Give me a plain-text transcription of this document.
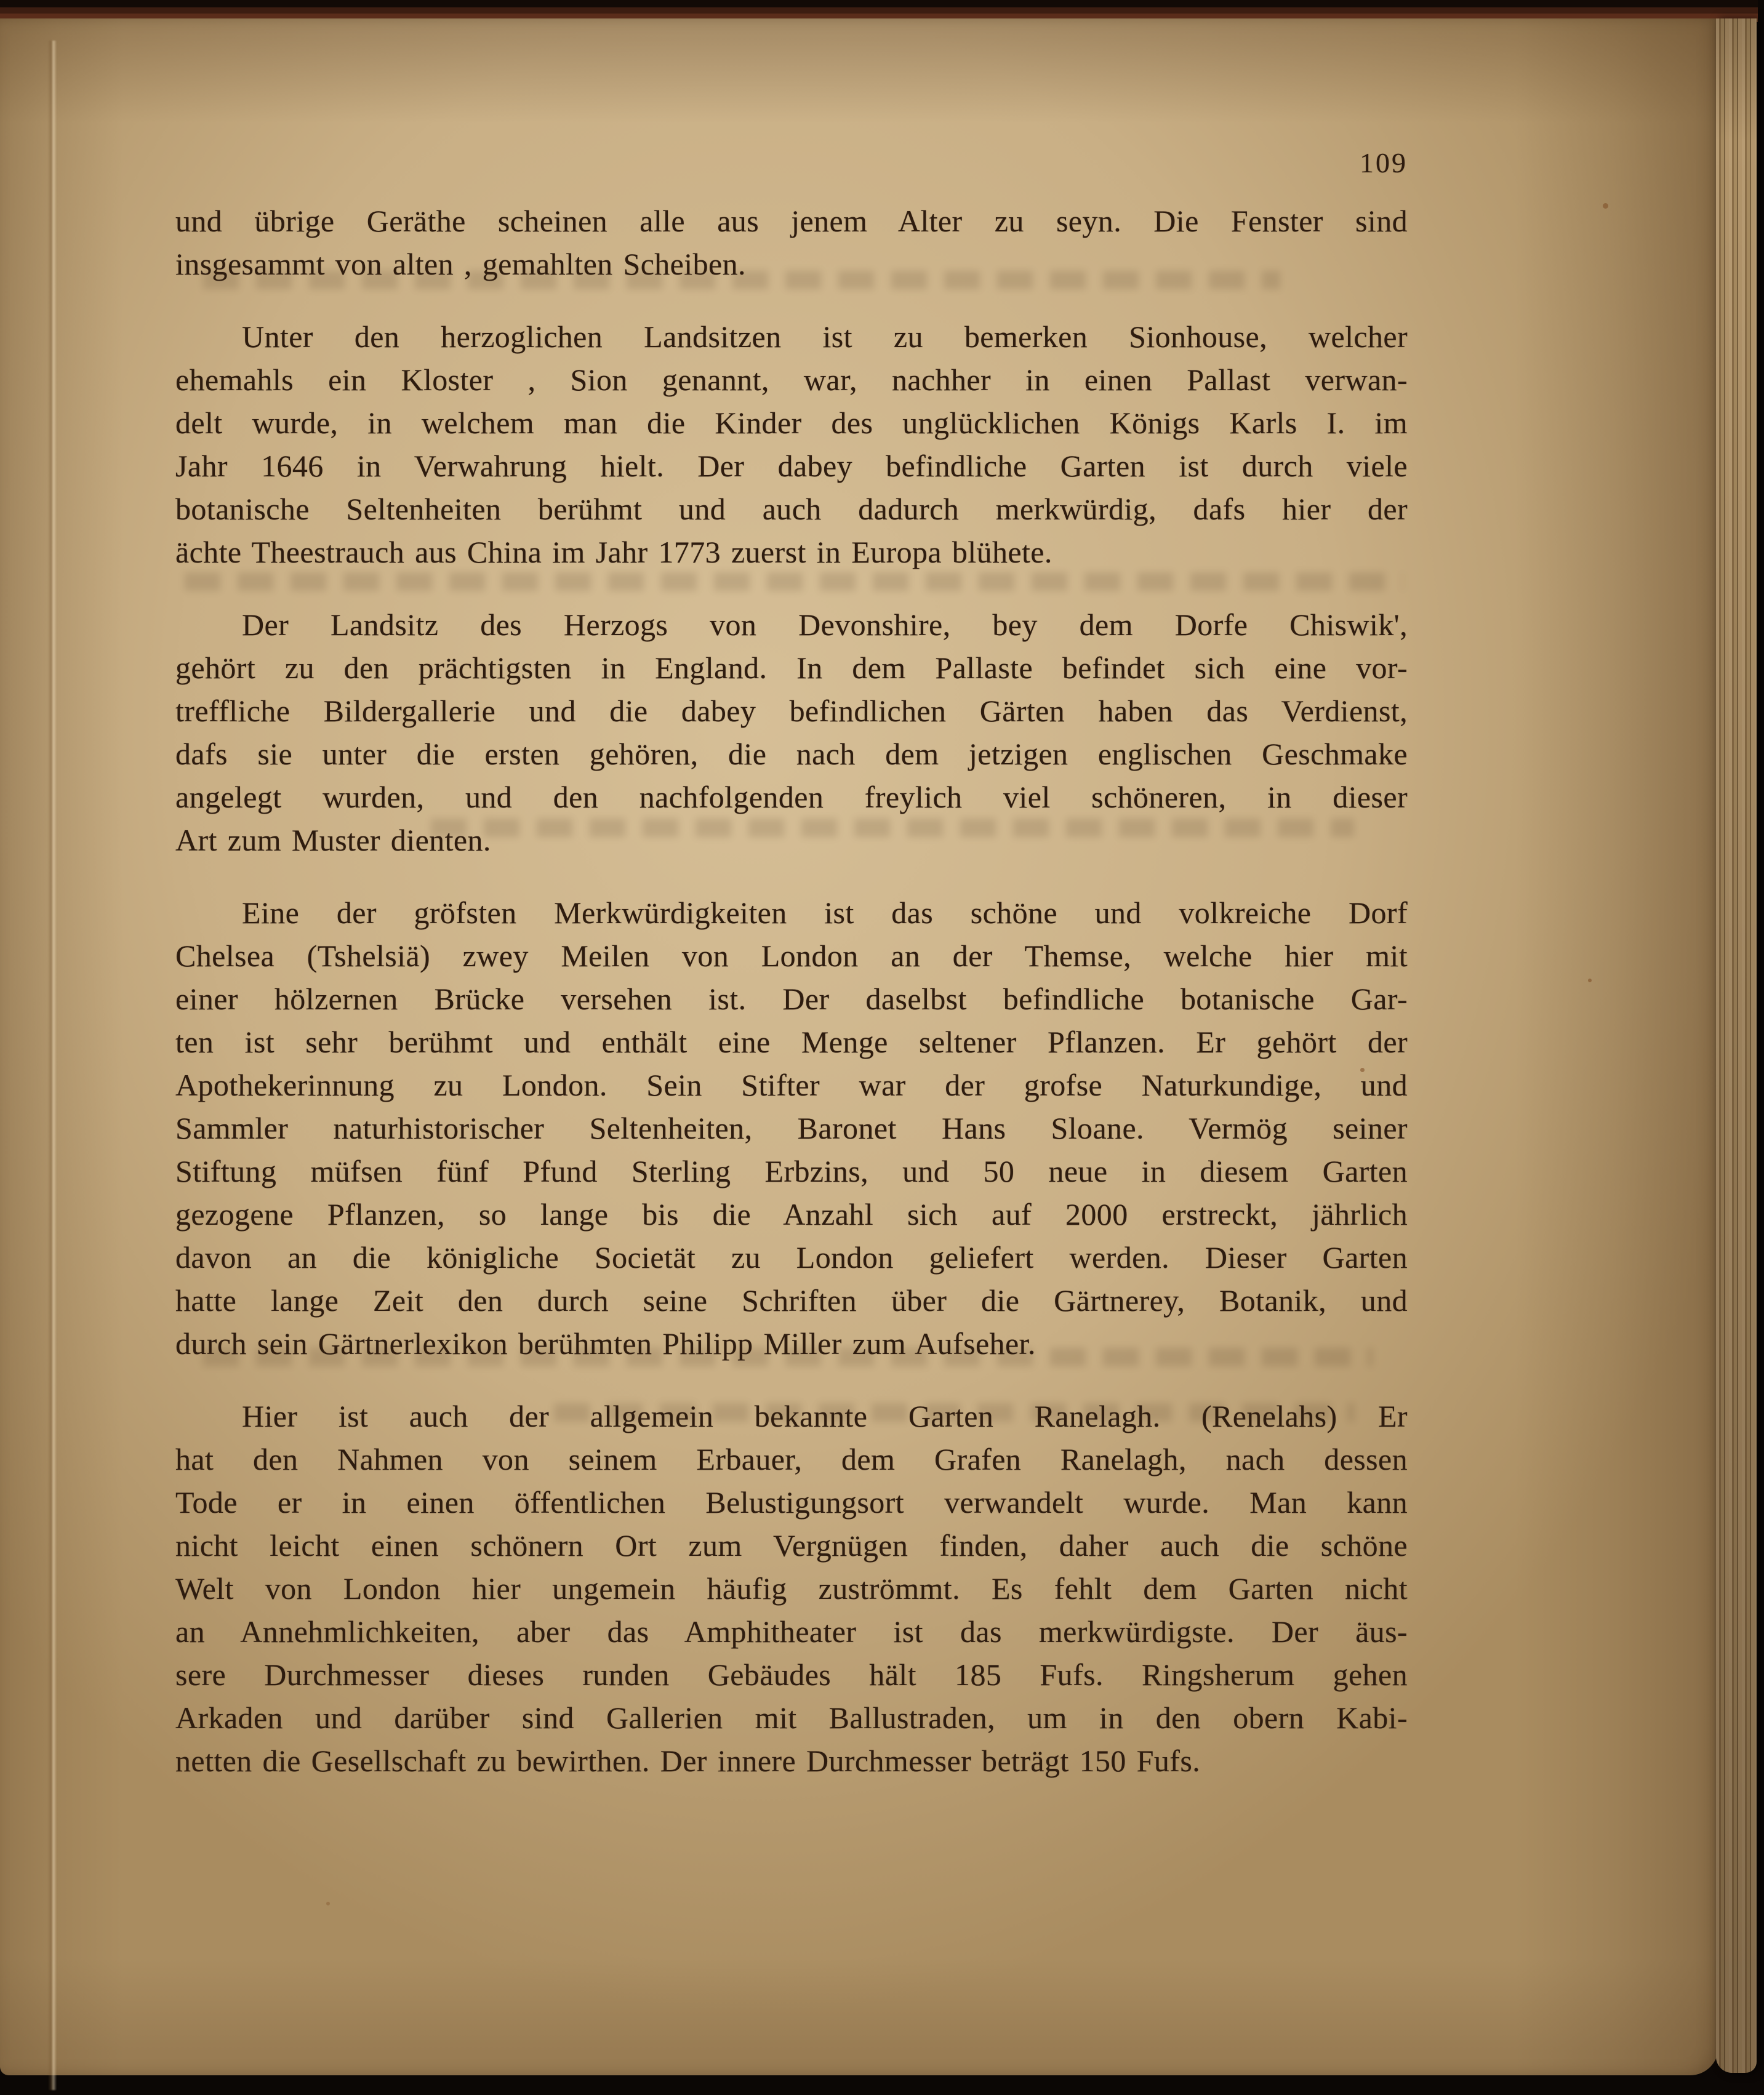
109
und übrige Geräthe scheinen alle aus jenem Alter zu seyn. Die Fenster sind
insgesammt von alten , gemahlten Scheiben.
Unter den herzoglichen Landsitzen ist zu bemerken Sionhouse, welcher
ehemahls ein Kloster , Sion genannt, war, nachher in einen Pallast verwan-
delt wurde, in welchem man die Kinder des unglücklichen Königs Karls I. im
Jahr 1646 in Verwahrung hielt. Der dabey befindliche Garten ist durch viele
botanische Seltenheiten berühmt und auch dadurch merkwürdig, dafs hier der
ächte Theestrauch aus China im Jahr 1773 zuerst in Europa blühete.
Der Landsitz des Herzogs von Devonshire, bey dem Dorfe Chiswik',
gehört zu den prächtigsten in England. In dem Pallaste befindet sich eine vor-
treffliche Bildergallerie und die dabey befindlichen Gärten haben das Verdienst,
dafs sie unter die ersten gehören, die nach dem jetzigen englischen Geschmake
angelegt wurden, und den nachfolgenden freylich viel schöneren, in dieser
Art zum Muster dienten.
Eine der gröfsten Merkwürdigkeiten ist das schöne und volkreiche Dorf
Chelsea (Tshelsiä) zwey Meilen von London an der Themse, welche hier mit
einer hölzernen Brücke versehen ist. Der daselbst befindliche botanische Gar-
ten ist sehr berühmt und enthält eine Menge seltener Pflanzen. Er gehört der
Apothekerinnung zu London. Sein Stifter war der grofse Naturkundige, und
Sammler naturhistorischer Seltenheiten, Baronet Hans Sloane. Vermög seiner
Stiftung müfsen fünf Pfund Sterling Erbzins, und 50 neue in diesem Garten
gezogene Pflanzen, so lange bis die Anzahl sich auf 2000 erstreckt, jährlich
davon an die königliche Societät zu London geliefert werden. Dieser Garten
hatte lange Zeit den durch seine Schriften über die Gärtnerey, Botanik, und
durch sein Gärtnerlexikon berühmten Philipp Miller zum Aufseher.
Hier ist auch der allgemein bekannte Garten Ranelagh. (Renelahs) Er
hat den Nahmen von seinem Erbauer, dem Grafen Ranelagh, nach dessen
Tode er in einen öffentlichen Belustigungsort verwandelt wurde. Man kann
nicht leicht einen schönern Ort zum Vergnügen finden, daher auch die schöne
Welt von London hier ungemein häufig zuströmmt. Es fehlt dem Garten nicht
an Annehmlichkeiten, aber das Amphitheater ist das merkwürdigste. Der äus-
sere Durchmesser dieses runden Gebäudes hält 185 Fufs. Ringsherum gehen
Arkaden und darüber sind Gallerien mit Ballustraden, um in den obern Kabi-
netten die Gesellschaft zu bewirthen. Der innere Durchmesser beträgt 150 Fufs.
